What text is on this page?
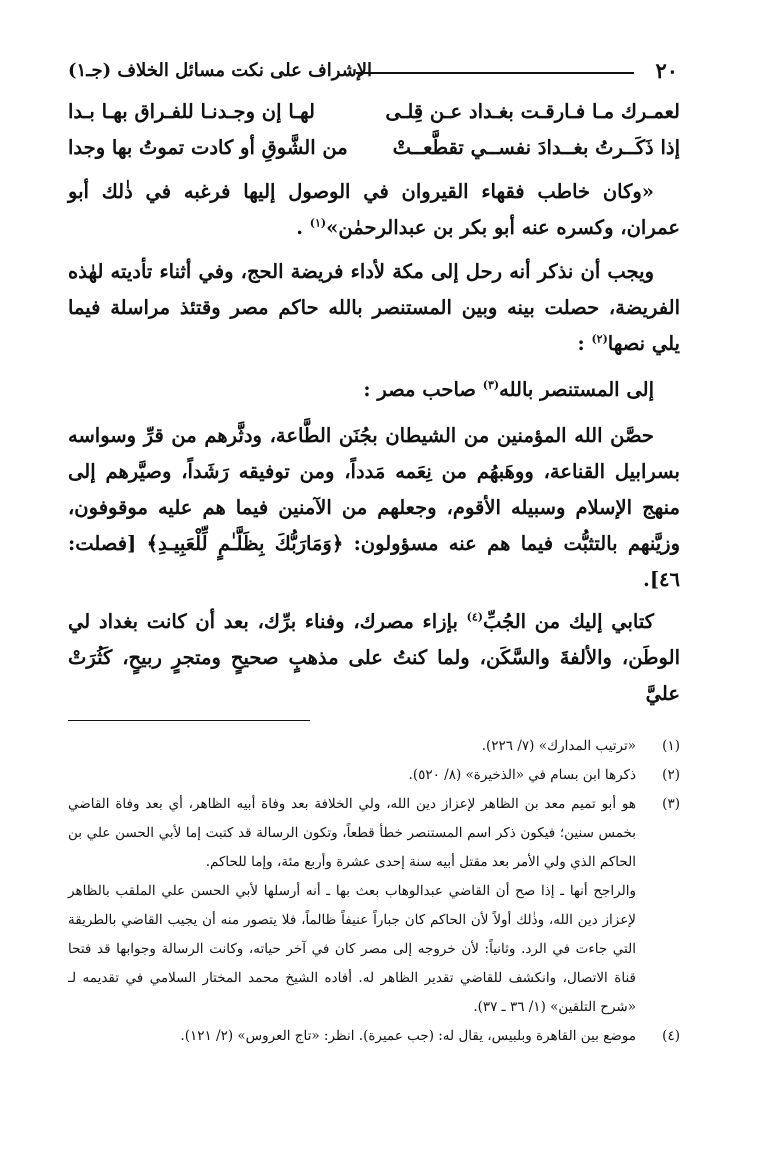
٢٠
الإشراف على نكت مسائل الخلاف (جـ١)
لعمـرك مـا فـارقـت بغـداد عـن قِلـى
لهـا إن وجـدنـا للفـراق بهـا بـدا
إذا ذَكَــرتُ بغــدادَ نفســي تقطَّعــتْ
من الشَّوقِ أو كادت تموتُ بها وجدا

«وكان خاطب فقهاء القيروان في الوصول إليها فرغبه في ذٰلك أبو عمران، وكسره عنه أبو بكر بن عبدالرحمٰن»$^{(١)}$ .

ويجب أن نذكر أنه رحل إلى مكة لأداء فريضة الحج، وفي أثناء تأديته لهٰذه الفريضة، حصلت بينه وبين المستنصر بالله حاكم مصر وقتئذ مراسلة فيما يلي نصها$^{(٢)}$ :

إلى المستنصر بالله$^{(٣)}$ صاحب مصر :

حصَّن الله المؤمنين من الشيطان بجُنَن الطَّاعة، ودثَّرهم من قرِّ وسواسه بسرابيل القناعة، ووهَبهُم من نِعَمه مَدداً، ومن توفيقه رَشَداً، وصيَّرهم إلى منهج الإسلام وسبيله الأقوم، وجعلهم من الآمنين فيما هم عليه موقوفون، وزيَّنهم بالتثبُّت فيما هم عنه مسؤولون: ﴿وَمَارَبُّكَ بِظَلَّـٰمٍ لِّلْعَبِيـدِ﴾ [فصلت: ٤٦].

كتابي إليك من الجُبِّ$^{(٤)}$ بإزاء مصرك، وفناء برِّك، بعد أن كانت بغداد لي الوطَن، والألفةَ والسَّكَن، ولما كنتُ على مذهبٍ صحيحٍ ومتجرٍ ربيحٍ، كَثُرَتْ عليَّ

(١)
«ترتيب المدارك» (٧/ ٢٢٦).
(٢)
ذكرها ابن بسام في «الذخيرة» (٨/ ٥٢٠).
(٣)
هو أبو تميم معد بن الظاهر لإعزاز دين الله، ولي الخلافة بعد وفاة أبيه الظاهر، أي بعد وفاة القاضي بخمس سنين؛ فيكون ذكر اسم المستنصر خطأ قطعاً، وتكون الرسالة قد كتبت إما لأبي الحسن علي بن الحاكم الذي ولي الأمر بعد مقتل أبيه سنة إحدى عشرة وأربع مئة، وإما للحاكم.
والراجح أنها ـ إذا صح أن القاضي عبدالوهاب بعث بها ـ أنه أرسلها لأبي الحسن علي الملقب بالظاهر لإعزاز دين الله، وذٰلك أولاً لأن الحاكم كان جباراً عنيفاً ظالماً، فلا يتصور منه أن يجيب القاضي بالطريقة التي جاءت في الرد. وثانياً: لأن خروجه إلى مصر كان في آخر حياته، وكانت الرسالة وجوابها قد فتحا قناة الاتصال، وانكشف للقاضي تقدير الظاهر له. أفاده الشيخ محمد المختار السلامي في تقديمه لـ «شرح التلقين» (١/ ٣٦ ـ ٣٧).
(٤)
موضع بين القاهرة وبلبيس، يقال له: (جب عميرة). انظر: «تاج العروس» (٢/ ١٢١).
